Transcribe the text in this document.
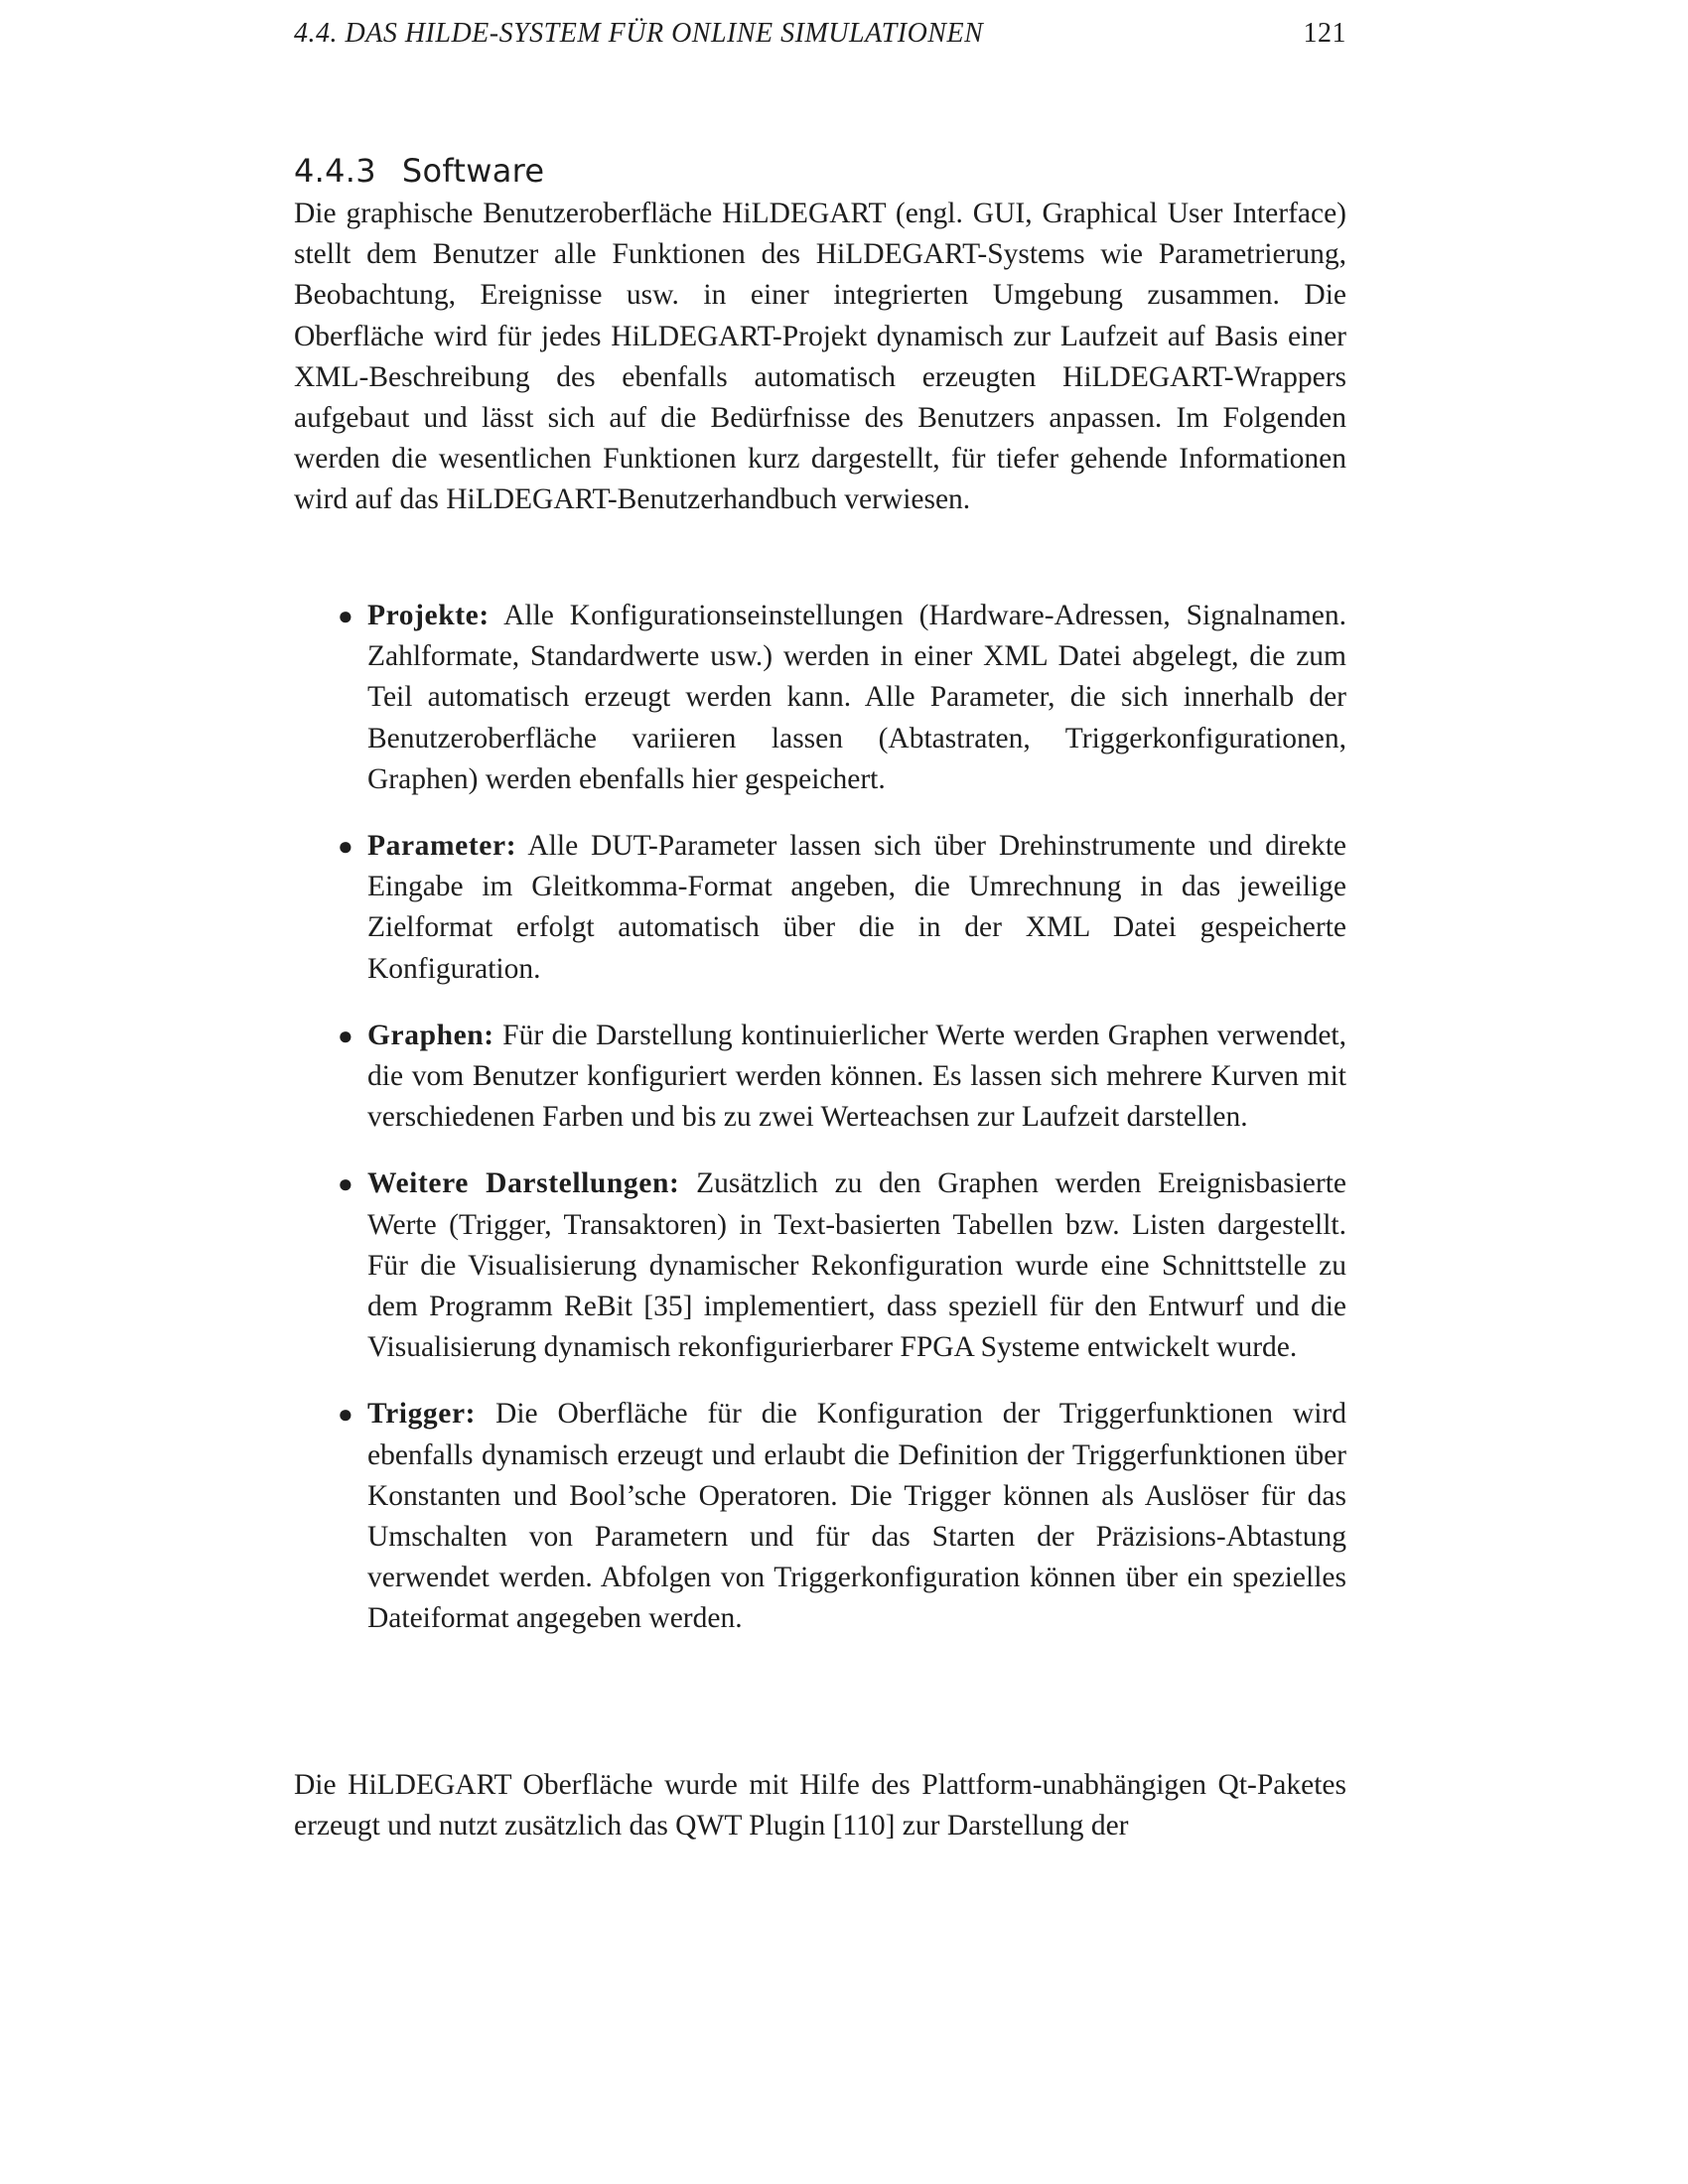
4.4. DAS HILDE-SYSTEM FÜR ONLINE SIMULATIONEN	121
4.4.3 Software

Die graphische Benutzeroberfläche HiLDEGART (engl. GUI, Graphical User Interface) stellt dem Benutzer alle Funktionen des HiLDEGART-Systems wie Parametrierung, Beobachtung, Ereignisse usw. in einer integrierten Umgebung zusammen. Die Oberfläche wird für jedes HiLDEGART-Projekt dynamisch zur Laufzeit auf Basis einer XML-Beschreibung des ebenfalls automatisch erzeugten HiLDEGART-Wrappers aufgebaut und lässt sich auf die Bedürfnisse des Benutzers anpassen. Im Folgenden werden die wesentlichen Funktionen kurz dargestellt, für tiefer gehende Informationen wird auf das HiLDEGART-Benutzerhandbuch verwiesen.

● Projekte: Alle Konfigurationseinstellungen (Hardware-Adressen, Signalnamen. Zahlformate, Standardwerte usw.) werden in einer XML Datei abgelegt, die zum Teil automatisch erzeugt werden kann. Alle Parameter, die sich innerhalb der Benutzeroberfläche variieren lassen (Abtastraten, Triggerkonfigurationen, Graphen) werden ebenfalls hier gespeichert.
● Parameter: Alle DUT-Parameter lassen sich über Drehinstrumente und direkte Eingabe im Gleitkomma-Format angeben, die Umrechnung in das jeweilige Zielformat erfolgt automatisch über die in der XML Datei gespeicherte Konfiguration.
● Graphen: Für die Darstellung kontinuierlicher Werte werden Graphen verwendet, die vom Benutzer konfiguriert werden können. Es lassen sich mehrere Kurven mit verschiedenen Farben und bis zu zwei Werteachsen zur Laufzeit darstellen.
● Weitere Darstellungen: Zusätzlich zu den Graphen werden Ereignisbasierte Werte (Trigger, Transaktoren) in Text-basierten Tabellen bzw. Listen dargestellt. Für die Visualisierung dynamischer Rekonfiguration wurde eine Schnittstelle zu dem Programm ReBit [35] implementiert, dass speziell für den Entwurf und die Visualisierung dynamisch rekonfigurierbarer FPGA Systeme entwickelt wurde.
● Trigger: Die Oberfläche für die Konfiguration der Triggerfunktionen wird ebenfalls dynamisch erzeugt und erlaubt die Definition der Triggerfunktionen über Konstanten und Bool’sche Operatoren. Die Trigger können als Auslöser für das Umschalten von Parametern und für das Starten der Präzisions-Abtastung verwendet werden. Abfolgen von Triggerkonfiguration können über ein spezielles Dateiformat angegeben werden.

Die HiLDEGART Oberfläche wurde mit Hilfe des Plattform-unabhängigen Qt-Paketes erzeugt und nutzt zusätzlich das QWT Plugin [110] zur Darstellung der
